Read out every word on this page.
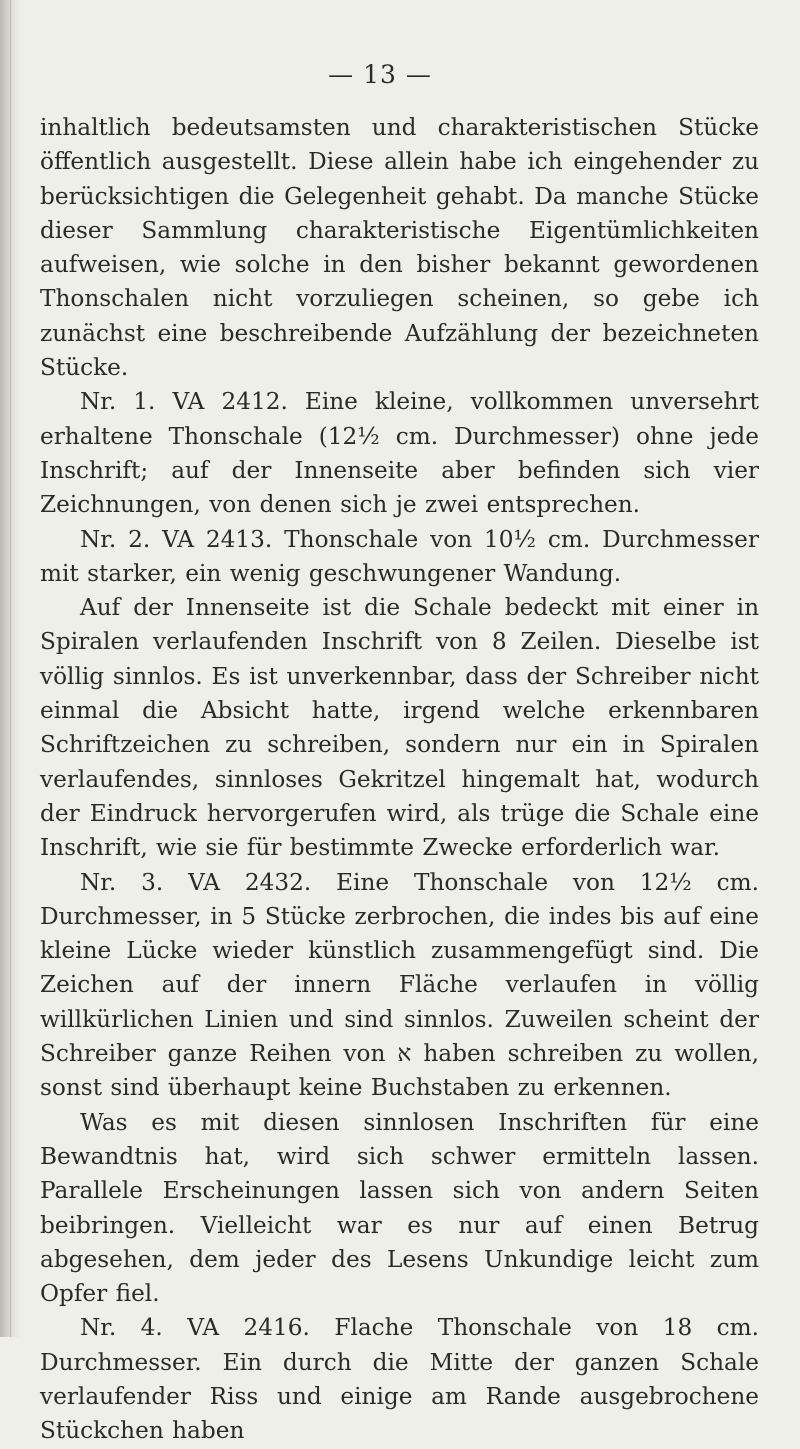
— 13 —

inhaltlich bedeutsamsten und charakteristischen Stücke öffentlich ausgestellt. Diese allein habe ich eingehender zu berücksichtigen die Gelegenheit gehabt. Da manche Stücke dieser Sammlung charakteristische Eigentümlichkeiten aufweisen, wie solche in den bisher bekannt gewordenen Thonschalen nicht vorzuliegen scheinen, so gebe ich zunächst eine beschreibende Aufzählung der bezeichneten Stücke.

Nr. 1. VA 2412. Eine kleine, vollkommen unversehrt erhaltene Thonschale (12½ cm. Durchmesser) ohne jede Inschrift; auf der Innenseite aber befinden sich vier Zeichnungen, von denen sich je zwei entsprechen.

Nr. 2. VA 2413. Thonschale von 10½ cm. Durchmesser mit starker, ein wenig geschwungener Wandung.

Auf der Innenseite ist die Schale bedeckt mit einer in Spiralen verlaufenden Inschrift von 8 Zeilen. Dieselbe ist völlig sinnlos. Es ist unverkennbar, dass der Schreiber nicht einmal die Absicht hatte, irgend welche erkennbaren Schriftzeichen zu schreiben, sondern nur ein in Spiralen verlaufendes, sinnloses Gekritzel hingemalt hat, wodurch der Eindruck hervorgerufen wird, als trüge die Schale eine Inschrift, wie sie für bestimmte Zwecke erforderlich war.

Nr. 3. VA 2432. Eine Thonschale von 12½ cm. Durchmesser, in 5 Stücke zerbrochen, die indes bis auf eine kleine Lücke wieder künstlich zusammengefügt sind. Die Zeichen auf der innern Fläche verlaufen in völlig willkürlichen Linien und sind sinnlos. Zuweilen scheint der Schreiber ganze Reihen von א haben schreiben zu wollen, sonst sind überhaupt keine Buchstaben zu erkennen.

Was es mit diesen sinnlosen Inschriften für eine Bewandtnis hat, wird sich schwer ermitteln lassen. Parallele Erscheinungen lassen sich von andern Seiten beibringen. Vielleicht war es nur auf einen Betrug abgesehen, dem jeder des Lesens Unkundige leicht zum Opfer fiel.

Nr. 4. VA 2416. Flache Thonschale von 18 cm. Durchmesser. Ein durch die Mitte der ganzen Schale verlaufender Riss und einige am Rande ausgebrochene Stückchen haben
